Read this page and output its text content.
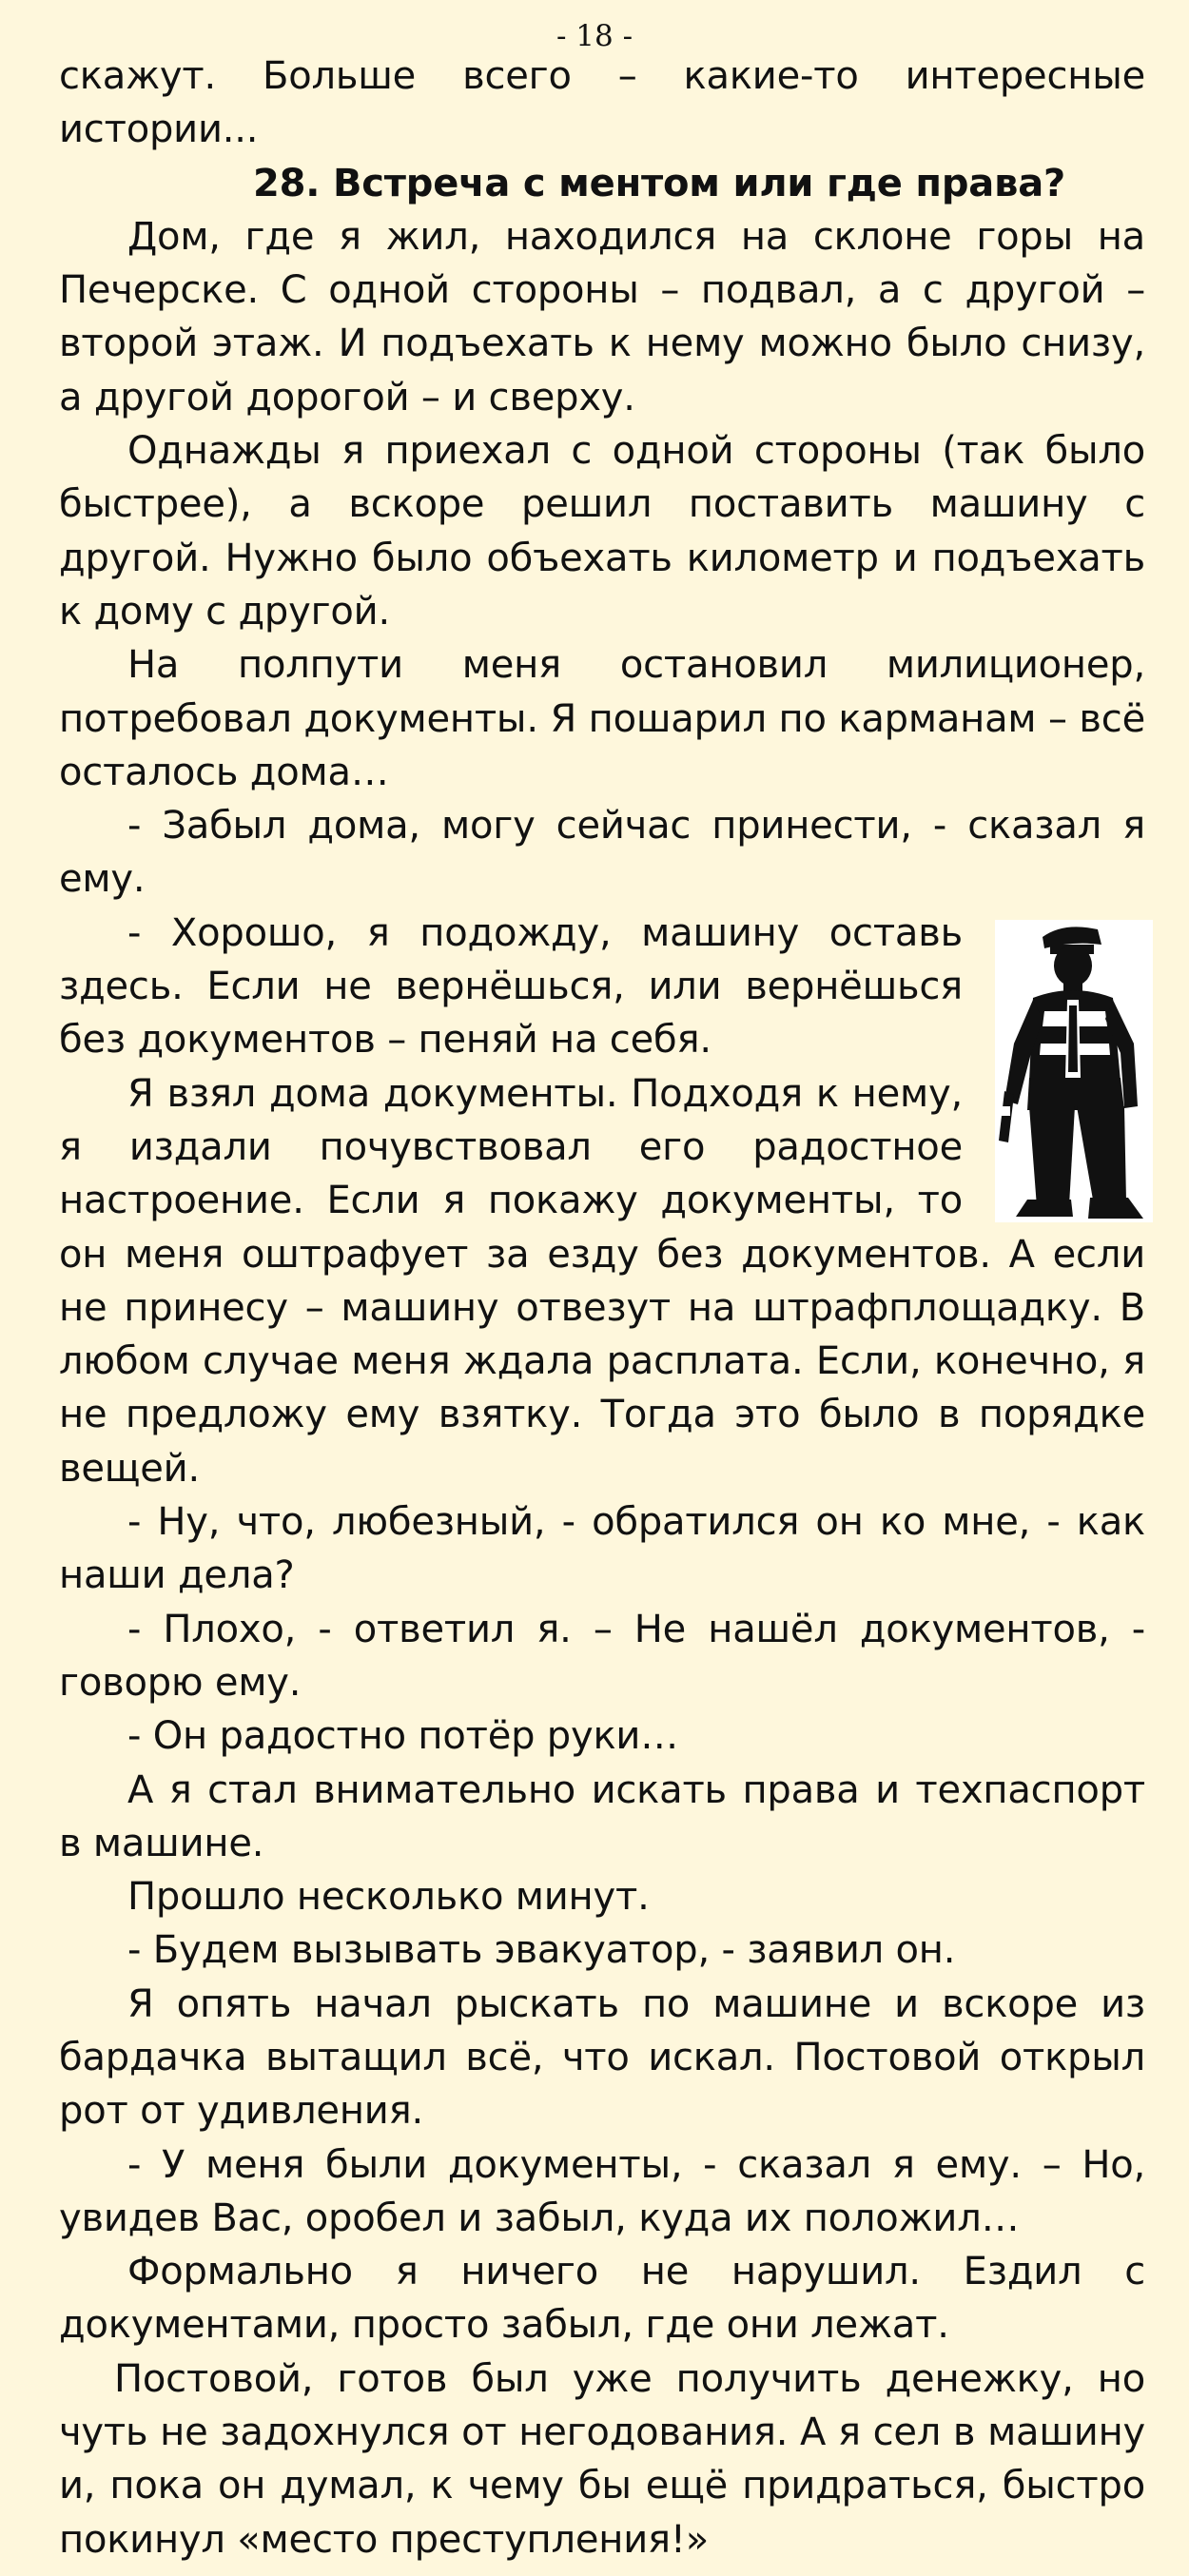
- 18 -

скажут. Больше всего – какие-то интересные истории...

28. Встреча с ментом или где права?

Дом, где я жил, находился на склоне горы на Печерске. С одной стороны – подвал, а с другой – второй этаж. И подъехать к нему можно было снизу, а другой дорогой – и сверху.

Однажды я приехал с одной стороны (так было быстрее), а вскоре решил поставить машину с другой. Нужно было объехать километр и подъехать к дому с другой.

На полпути меня остановил милиционер, потребовал документы. Я пошарил по карманам – всё осталось дома…

- Забыл дома, могу сейчас принести, - сказал я ему.

- Хорошо, я подожду, машину оставь здесь. Если не вернёшься, или вернёшься без документов – пеняй на себя.

Я взял дома документы. Подходя к нему, я издали почувствовал его радостное настроение. Если я покажу документы, то он меня оштрафует за езду без документов. А если не принесу – машину отвезут на штрафплощадку. В любом случае меня ждала расплата. Если, конечно, я не предложу ему взятку. Тогда это было в порядке вещей.

- Ну, что, любезный, - обратился он ко мне, - как наши дела?

- Плохо, - ответил я. – Не нашёл документов, - говорю ему.

- Он радостно потёр руки…

А я стал внимательно искать права и техпаспорт в машине.

Прошло несколько минут.

- Будем вызывать эвакуатор, - заявил он.

Я опять начал рыскать по машине и вскоре из бардачка вытащил всё, что искал. Постовой открыл рот от удивления.

- У меня были документы, - сказал я ему. – Но, увидев Вас, оробел и забыл, куда их положил…

Формально я ничего не нарушил. Ездил с документами, просто забыл, где они лежат.

Постовой, готов был уже получить денежку, но чуть не задохнулся от негодования. А я сел в машину и, пока он думал, к чему бы ещё придраться, быстро покинул «место преступления!»
